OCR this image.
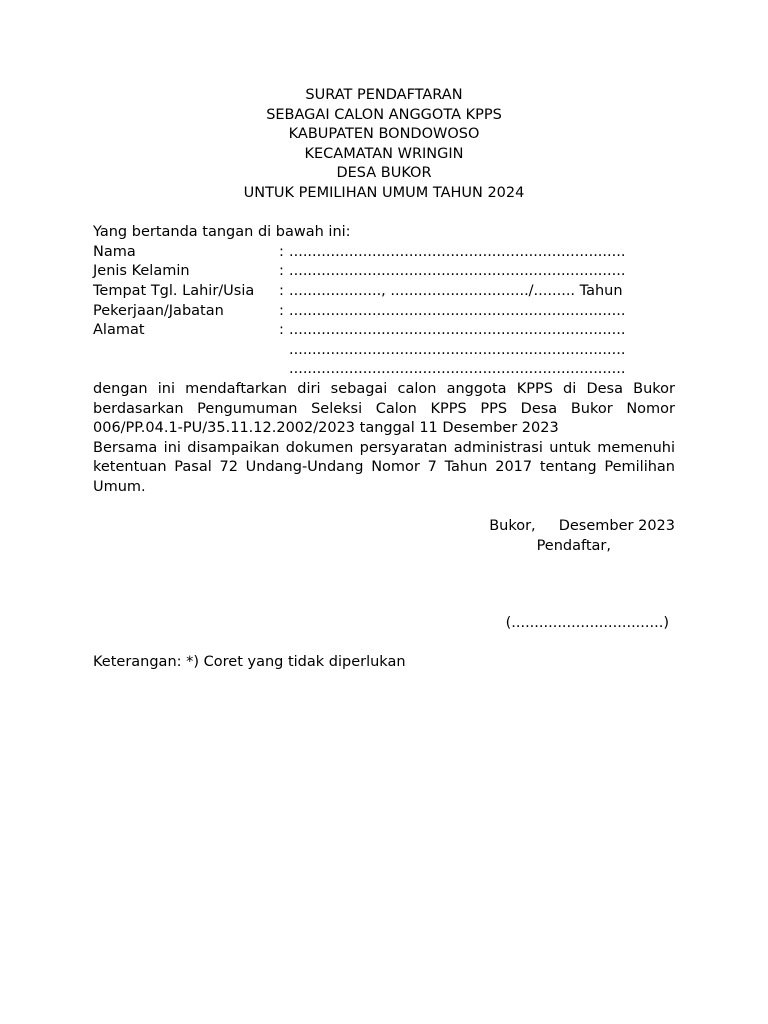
SURAT PENDAFTARAN
SEBAGAI CALON ANGGOTA KPPS
KABUPATEN BONDOWOSO
KECAMATAN WRINGIN
DESA BUKOR
UNTUK PEMILIHAN UMUM TAHUN 2024
Yang bertanda tangan di bawah ini:
Nama	: .........................................................................
Jenis Kelamin	: .........................................................................
Tempat Tgl. Lahir/Usia	: ...................., ............................../......... Tahun
Pekerjaan/Jabatan	: .........................................................................
Alamat	: .........................................................................
.........................................................................
.........................................................................
dengan ini mendaftarkan diri sebagai calon anggota KPPS di Desa Bukor berdasarkan Pengumuman Seleksi Calon KPPS PPS Desa Bukor Nomor 006/PP.04.1-PU/35.11.12.2002/2023 tanggal 11 Desember 2023
Bersama ini disampaikan dokumen persyaratan administrasi untuk memenuhi ketentuan Pasal 72 Undang-Undang Nomor 7 Tahun 2017 tentang Pemilihan Umum.
Bukor,     Desember 2023
Pendaftar,
(.................................)
Keterangan: *) Coret yang tidak diperlukan
